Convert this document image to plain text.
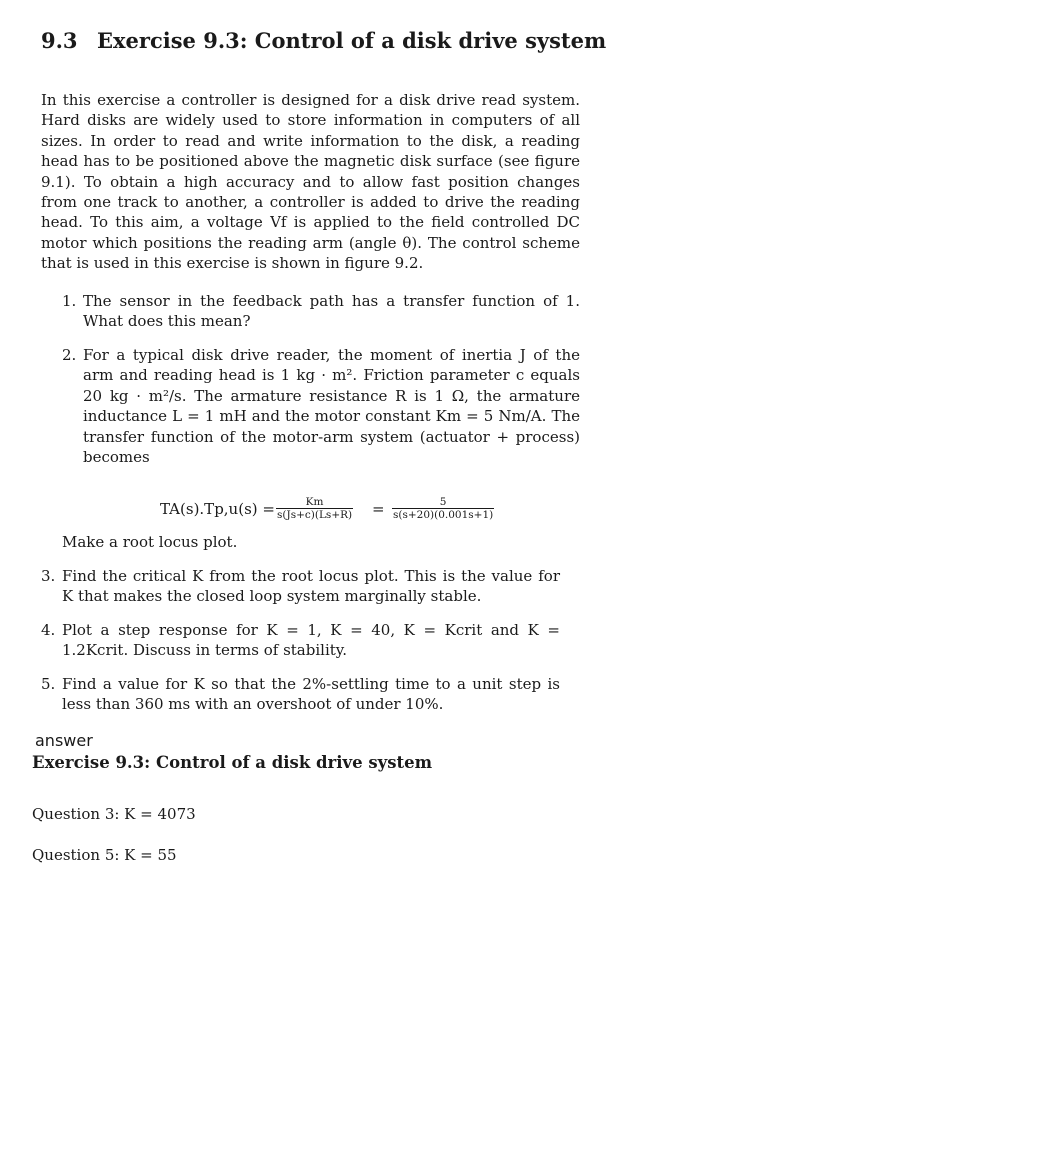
9.3 Exercise 9.3: Control of a disk drive system

In this exercise a controller is designed for a disk drive read system. Hard disks are widely used to store information in computers of all sizes. In order to read and write information to the disk, a reading head has to be positioned above the magnetic disk surface (see figure 9.1). To obtain a high accuracy and to allow fast position changes from one track to another, a controller is added to drive the reading head. To this aim, a voltage Vf is applied to the field controlled DC motor which positions the reading arm (angle θ). The control scheme that is used in this exercise is shown in figure 9.2.

1. The sensor in the feedback path has a transfer function of 1. What does this mean?
2. For a typical disk drive reader, the moment of inertia J of the arm and reading head is 1 kg · m². Friction parameter c equals 20 kg · m²/s. The armature resistance R is 1 Ω, the armature inductance L = 1 mH and the motor constant Km = 5 Nm/A. The transfer function of the motor-arm system (actuator + process) becomes
$TA(s).Tp,u(s) = \frac{Km}{s(Js+c)(Ls+R)} = \frac{5}{s(s+20)(0.001s+1)}$

Make a root locus plot.

3. Find the critical K from the root locus plot. This is the value for K that makes the closed loop system marginally stable.
4. Plot a step response for K = 1, K = 40, K = Kcrit and K = 1.2Kcrit. Discuss in terms of stability.
5. Find a value for K so that the 2%-settling time to a unit step is less than 360 ms with an overshoot of under 10%.

answer

Exercise 9.3: Control of a disk drive system

Question 3: K = 4073

Question 5: K = 55
